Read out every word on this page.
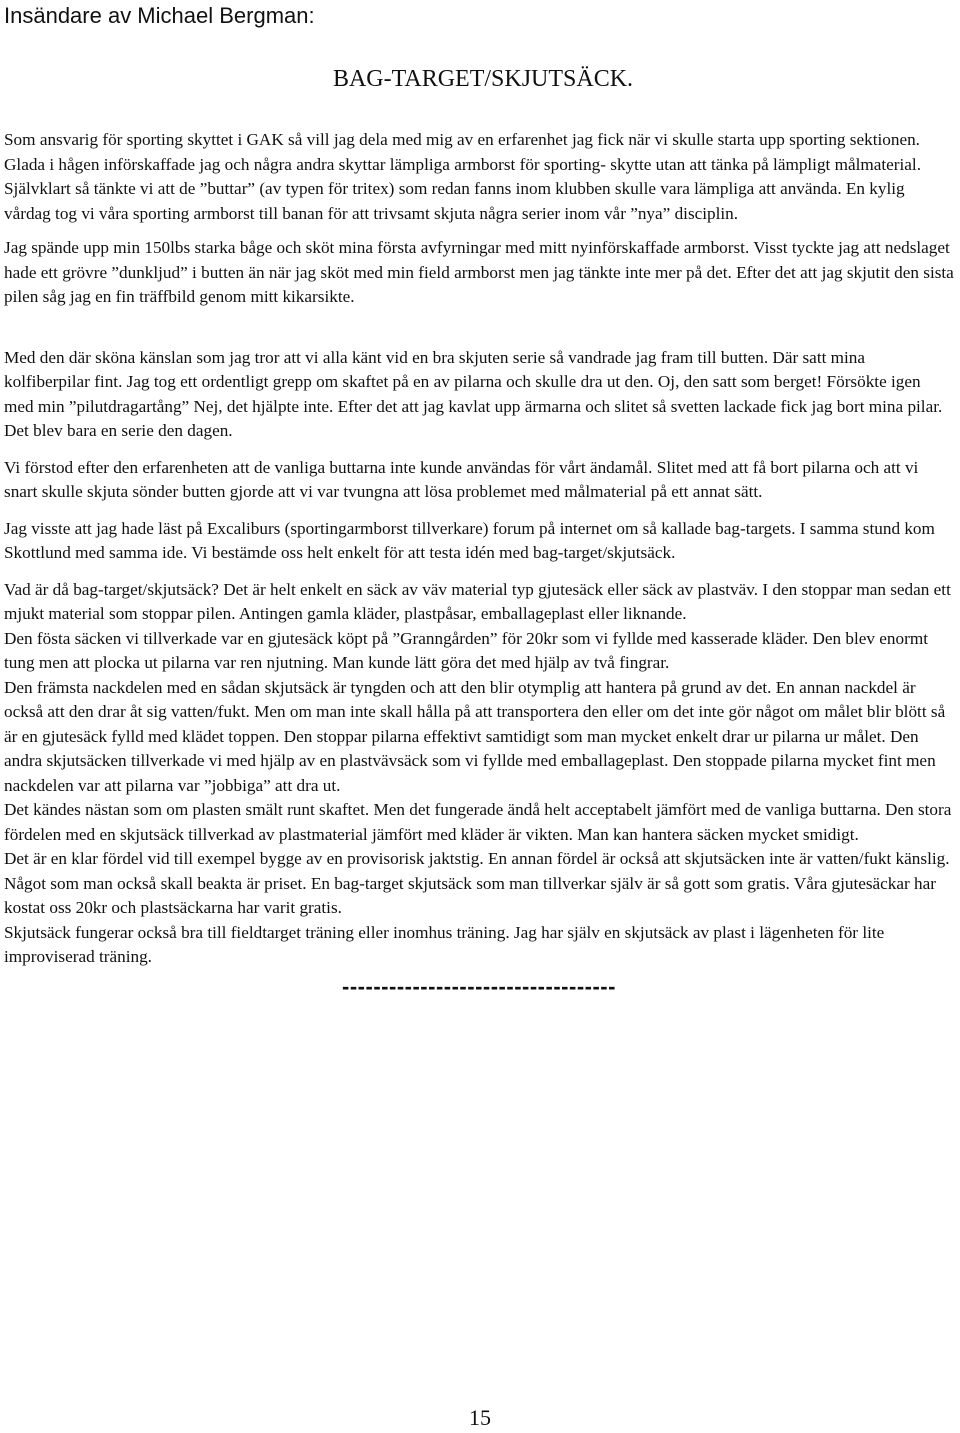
Insändare av Michael Bergman:
BAG-TARGET/SKJUTSÄCK.

Som ansvarig för sporting skyttet i GAK så vill jag dela med mig av en erfarenhet jag fick när vi skulle starta upp sporting sektionen.

Glada i hågen införskaffade jag och några andra skyttar lämpliga armborst för sporting- skytte utan att tänka på lämpligt målmaterial. Självklart så tänkte vi att de ”buttar” (av typen för tritex) som redan fanns inom klubben skulle vara lämpliga att använda. En kylig vårdag tog vi våra sporting armborst till banan för att trivsamt skjuta några serier inom vår ”nya” disciplin.

Jag spände upp min 150lbs starka båge och sköt mina första avfyrningar med mitt nyinförskaffade armborst. Visst tyckte jag att nedslaget hade ett grövre ”dunkljud” i butten än när jag sköt med min field armborst men jag tänkte inte mer på det. Efter det att jag skjutit den sista pilen såg jag en fin träffbild genom mitt kikarsikte.

Med den där sköna känslan som jag tror att vi alla känt vid en bra skjuten serie så vandrade jag fram till butten. Där satt mina kolfiberpilar fint. Jag tog ett ordentligt grepp om skaftet på en av pilarna och skulle dra ut den. Oj, den satt som berget! Försökte igen med min ”pilutdragartång” Nej, det hjälpte inte. Efter det att jag kavlat upp ärmarna och slitet så svetten lackade fick jag bort mina pilar. Det blev bara en serie den dagen.

Vi förstod efter den erfarenheten att de vanliga buttarna inte kunde användas för vårt ändamål. Slitet med att få bort pilarna och att vi snart skulle skjuta sönder butten gjorde att vi var tvungna att lösa problemet med målmaterial på ett annat sätt.

Jag visste att jag hade läst på Excaliburs (sportingarmborst tillverkare) forum på internet om så kallade bag-targets. I samma stund kom Skottlund med samma ide. Vi bestämde oss helt enkelt för att testa idén med bag-target/skjutsäck.

Vad är då bag-target/skjutsäck? Det är helt enkelt en säck av väv material typ gjutesäck eller säck av plastväv. I den stoppar man sedan ett mjukt material som stoppar pilen. Antingen gamla kläder, plastpåsar, emballageplast eller liknande.

Den fösta säcken vi tillverkade var en gjutesäck köpt på ”Granngården” för 20kr som vi fyllde med kasserade kläder. Den blev enormt tung men att plocka ut pilarna var ren njutning. Man kunde lätt göra det med hjälp av två fingrar.

Den främsta nackdelen med en sådan skjutsäck är tyngden och att den blir otymplig att hantera på grund av det. En annan nackdel är också att den drar åt sig vatten/fukt. Men om man inte skall hålla på att transportera den eller om det inte gör något om målet blir blött så är en gjutesäck fylld med klädet toppen. Den stoppar pilarna effektivt samtidigt som man mycket enkelt drar ur pilarna ur målet. Den andra skjutsäcken tillverkade vi med hjälp av en plastvävsäck som vi fyllde med emballageplast. Den stoppade pilarna mycket fint men nackdelen var att pilarna var ”jobbiga” att dra ut.

Det kändes nästan som om plasten smält runt skaftet. Men det fungerade ändå helt acceptabelt jämfört med de vanliga buttarna. Den stora fördelen med en skjutsäck tillverkad av plastmaterial jämfört med kläder är vikten. Man kan hantera säcken mycket smidigt.

Det är en klar fördel vid till exempel bygge av en provisorisk jaktstig. En annan fördel är också att skjutsäcken inte är vatten/fukt känslig. Något som man också skall beakta är priset. En bag-target skjutsäck som man tillverkar själv är så gott som gratis. Våra gjutesäckar har kostat oss 20kr och plastsäckarna har varit gratis.

Skjutsäck fungerar också bra till fieldtarget träning eller inomhus träning. Jag har själv en skjutsäck av plast i lägenheten för lite improviserad träning.

-----------------------------------
15
